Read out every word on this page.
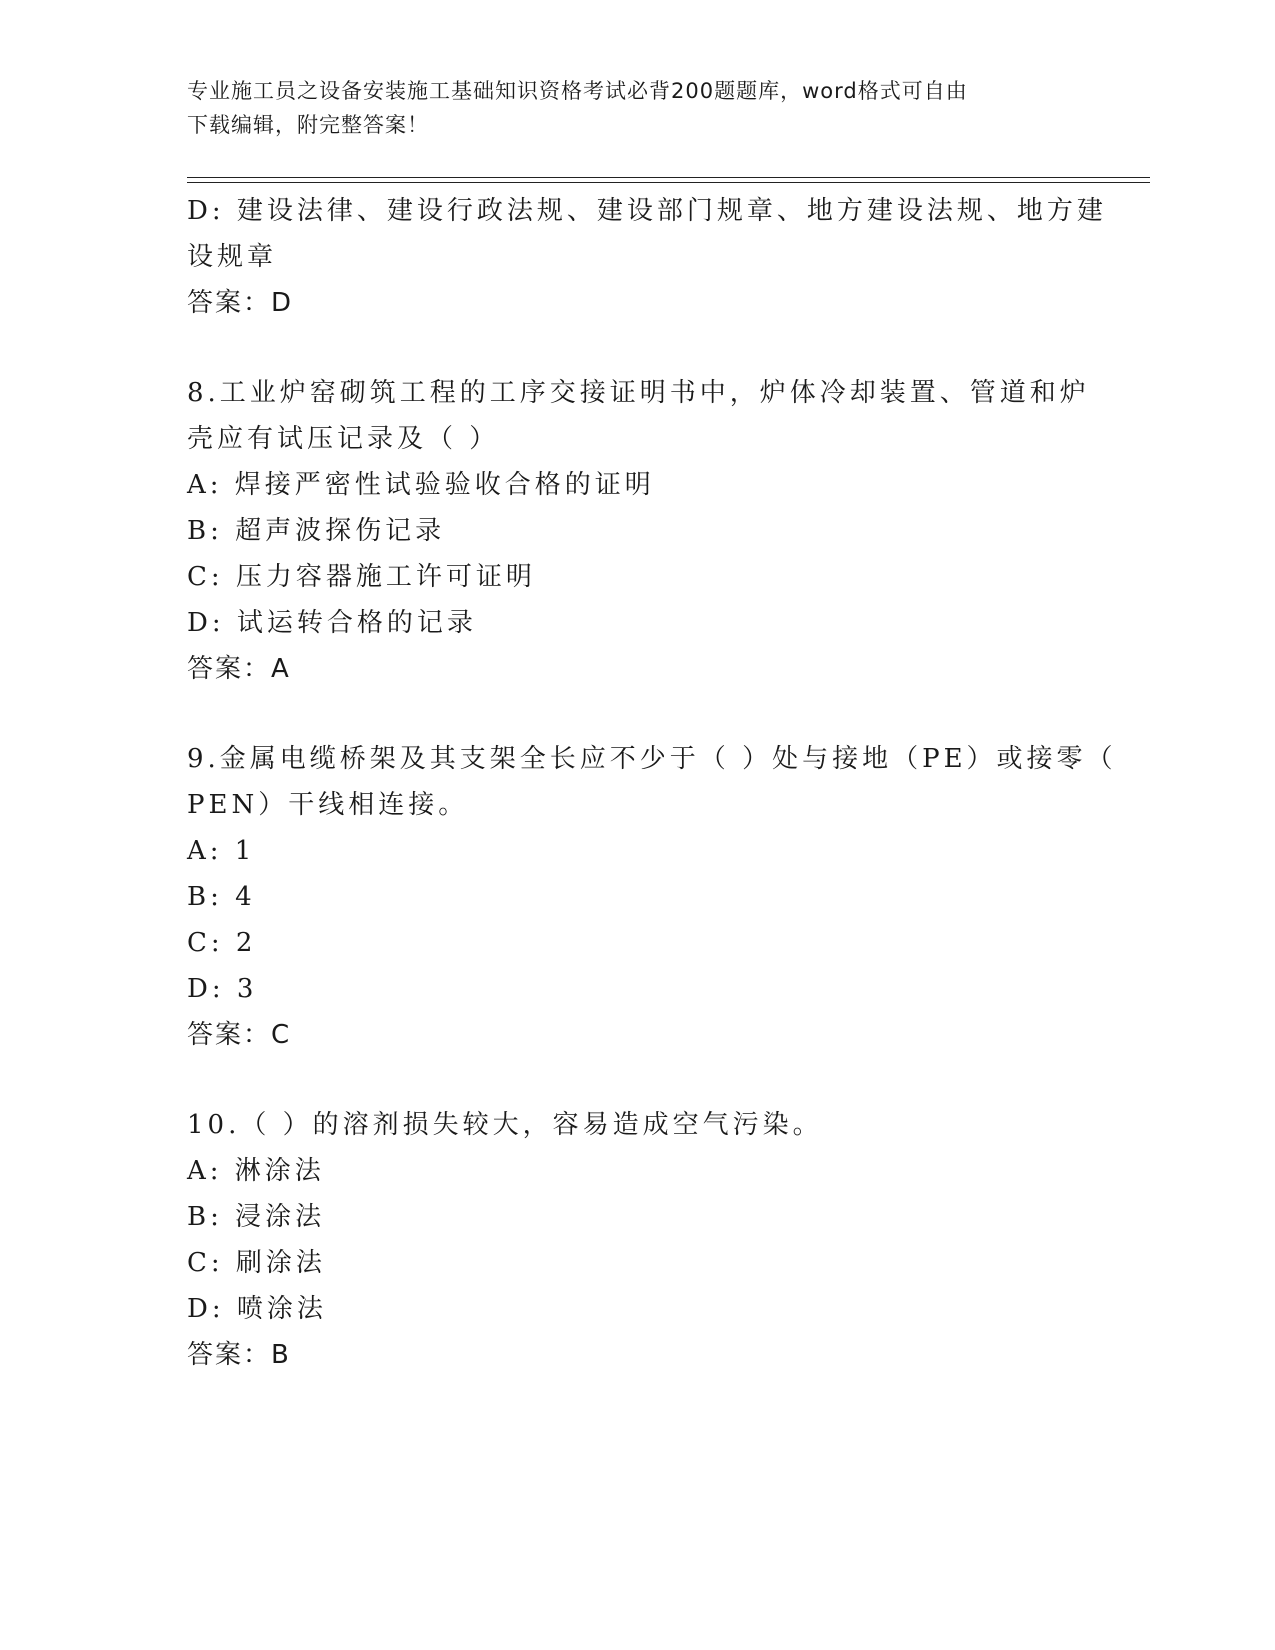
专业施工员之设备安装施工基础知识资格考试必背200题题库，word格式可自由
下载编辑，附完整答案！
D: 建设法律、建设行政法规、建设部门规章、地方建设法规、地方建
设规章
答案：D
8.工业炉窑砌筑工程的工序交接证明书中，炉体冷却装置、管道和炉
壳应有试压记录及（ ）
A: 焊接严密性试验验收合格的证明
B: 超声波探伤记录
C: 压力容器施工许可证明
D: 试运转合格的记录
答案：A
9.金属电缆桥架及其支架全长应不少于（ ）处与接地（PE）或接零（
PEN）干线相连接。
A: 1
B: 4
C: 2
D: 3
答案：C
10.（ ）的溶剂损失较大，容易造成空气污染。
A: 淋涂法
B: 浸涂法
C: 刷涂法
D: 喷涂法
答案：B
